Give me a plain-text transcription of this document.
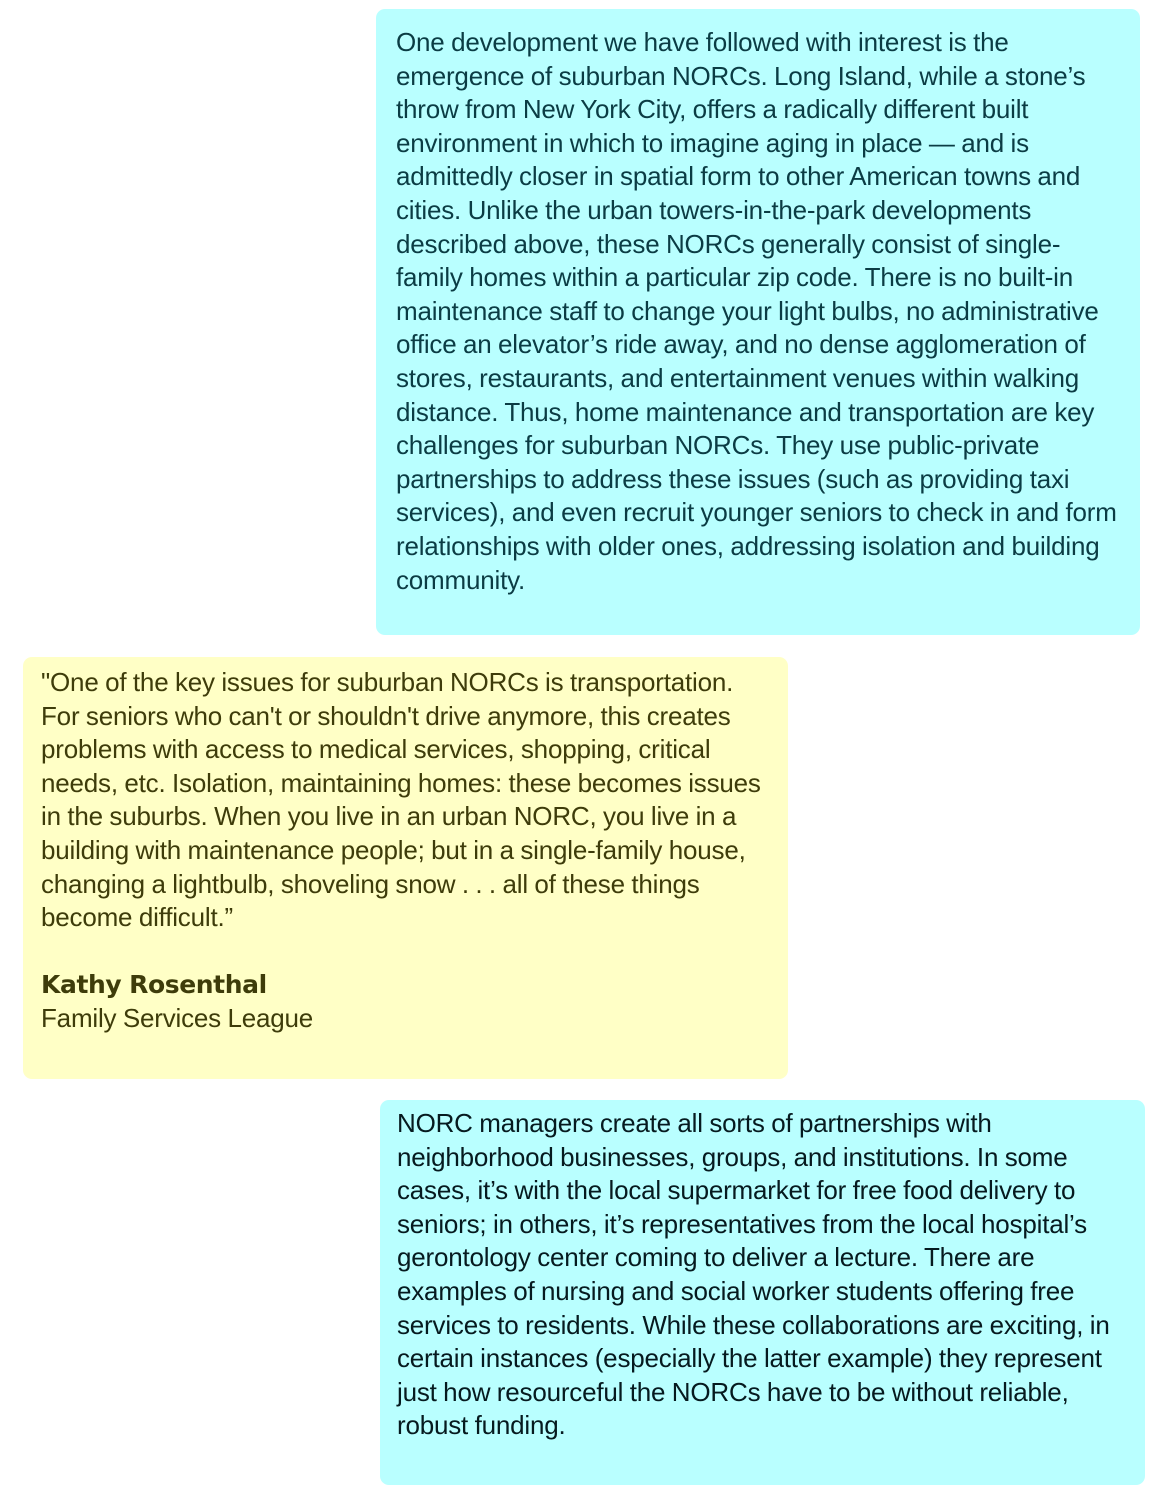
One development we have followed with interest is the emergence of suburban NORCs. Long Island, while a stone’s throw from New York City, offers a radically different built environment in which to imagine aging in place — and is admittedly closer in spatial form to other American towns and cities. Unlike the urban towers-in-the-park developments described above, these NORCs generally consist of single-family homes within a particular zip code. There is no built-in maintenance staff to change your light bulbs, no administrative office an elevator’s ride away, and no dense agglomeration of stores, restaurants, and entertainment venues within walking distance. Thus, home maintenance and transportation are key challenges for suburban NORCs. They use public-private partnerships to address these issues (such as providing taxi services), and even recruit younger seniors to check in and form relationships with older ones, addressing isolation and building community.

"One of the key issues for suburban NORCs is transportation. For seniors who can't or shouldn't drive anymore, this creates problems with access to medical services, shopping, critical needs, etc. Isolation, maintaining homes: these becomes issues in the suburbs. When you live in an urban NORC, you live in a building with maintenance people; but in a single-family house, changing a lightbulb, shoveling snow . . . all of these things become difficult.”

Kathy Rosenthal

Family Services League

NORC managers create all sorts of partnerships with neighborhood businesses, groups, and institutions. In some cases, it’s with the local supermarket for free food delivery to seniors; in others, it’s representatives from the local hospital’s gerontology center coming to deliver a lecture. There are examples of nursing and social worker students offering free services to residents. While these collaborations are exciting, in certain instances (especially the latter example) they represent just how resourceful the NORCs have to be without reliable, robust funding.
